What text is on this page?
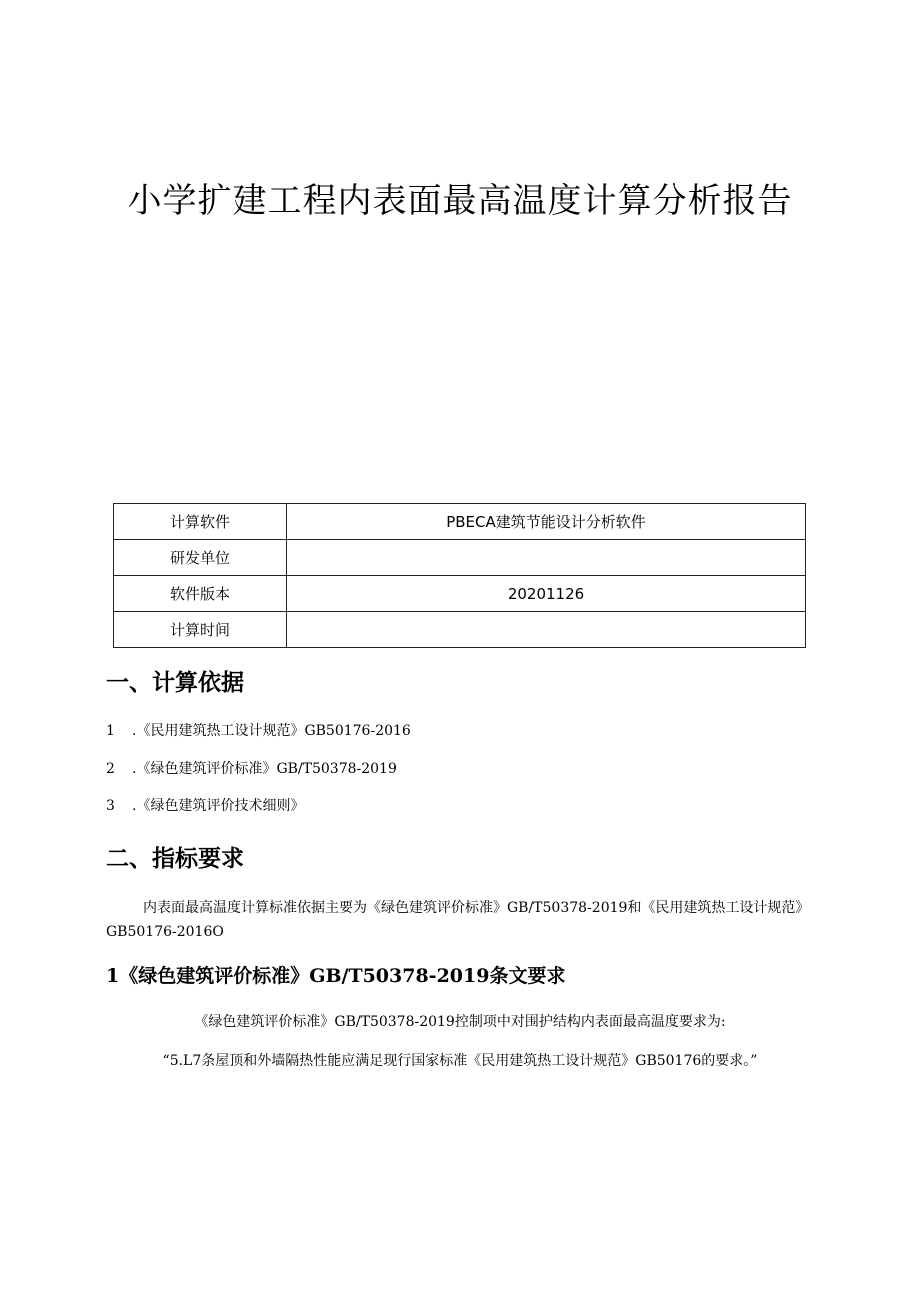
小学扩建工程内表面最高温度计算分析报告
计算软件	PBECA建筑节能设计分析软件
研发单位	
软件版本	20201126
计算时间	
一、计算依据
1 .《民用建筑热工设计规范》GB50176-2016
2 .《绿色建筑评价标准》GB/T50378-2019
3 .《绿色建筑评价技术细则》
二、指标要求

内表面最高温度计算标准依据主要为《绿色建筑评价标准》GB/T50378-2019和《民用建筑热工设计规范》GB50176-2016O

1《绿色建筑评价标准》GB/T50378-2019条文要求
《绿色建筑评价标准》GB/T50378-2019控制项中对围护结构内表面最高温度要求为:
“5.L7条屋顶和外墙隔热性能应满足现行国家标准《民用建筑热工设计规范》GB50176的要求。”
